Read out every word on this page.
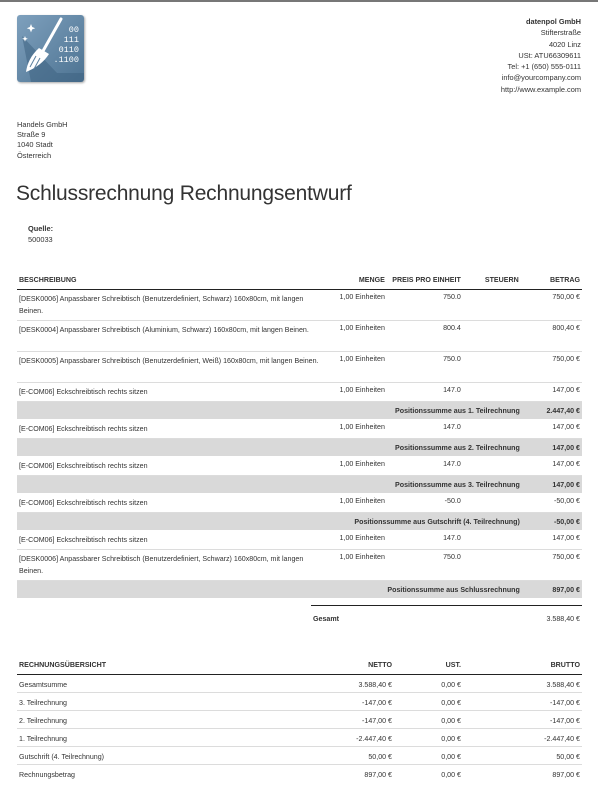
00
111
0110
.1100
datenpol GmbH
Stifterstraße
4020 Linz
USt: ATU66309611
Tel: +1 (650) 555-0111
info@yourcompany.com
http://www.example.com
Handels GmbH
Straße 9
1040 Stadt
Österreich
Schlussrechnung Rechnungsentwurf
Quelle:
500033
BESCHREIBUNG	MENGE	PREIS PRO EINHEIT	STEUERN	BETRAG
[DESK0006] Anpassbarer Schreibtisch (Benutzerdefiniert, Schwarz) 160x80cm, mit langen Beinen.	1,00 Einheiten	750.0		750,00 €
[DESK0004] Anpassbarer Schreibtisch (Aluminium, Schwarz) 160x80cm, mit langen Beinen.	1,00 Einheiten	800.4		800,40 €
[DESK0005] Anpassbarer Schreibtisch (Benutzerdefiniert, Weiß) 160x80cm, mit langen Beinen.	1,00 Einheiten	750.0		750,00 €
[E-COM06] Eckschreibtisch rechts sitzen	1,00 Einheiten	147.0		147,00 €
Positionssumme aus 1. Teilrechnung				2.447,40 €
[E-COM06] Eckschreibtisch rechts sitzen	1,00 Einheiten	147.0		147,00 €
Positionssumme aus 2. Teilrechnung				147,00 €
[E-COM06] Eckschreibtisch rechts sitzen	1,00 Einheiten	147.0		147,00 €
Positionssumme aus 3. Teilrechnung				147,00 €
[E-COM06] Eckschreibtisch rechts sitzen	1,00 Einheiten	-50.0		-50,00 €
Positionssumme aus Gutschrift (4. Teilrechnung)				-50,00 €
[E-COM06] Eckschreibtisch rechts sitzen	1,00 Einheiten	147.0		147,00 €
[DESK0006] Anpassbarer Schreibtisch (Benutzerdefiniert, Schwarz) 160x80cm, mit langen Beinen.	1,00 Einheiten	750.0		750,00 €
Positionssumme aus Schlussrechnung				897,00 €
Gesamt	3.588,40 €
RECHNUNGSÜBERSICHT	NETTO	UST.	BRUTTO
Gesamtsumme	3.588,40 €	0,00 €	3.588,40 €
3. Teilrechnung	-147,00 €	0,00 €	-147,00 €
2. Teilrechnung	-147,00 €	0,00 €	-147,00 €
1. Teilrechnung	-2.447,40 €	0,00 €	-2.447,40 €
Gutschrift (4. Teilrechnung)	50,00 €	0,00 €	50,00 €
Rechnungsbetrag	897,00 €	0,00 €	897,00 €
